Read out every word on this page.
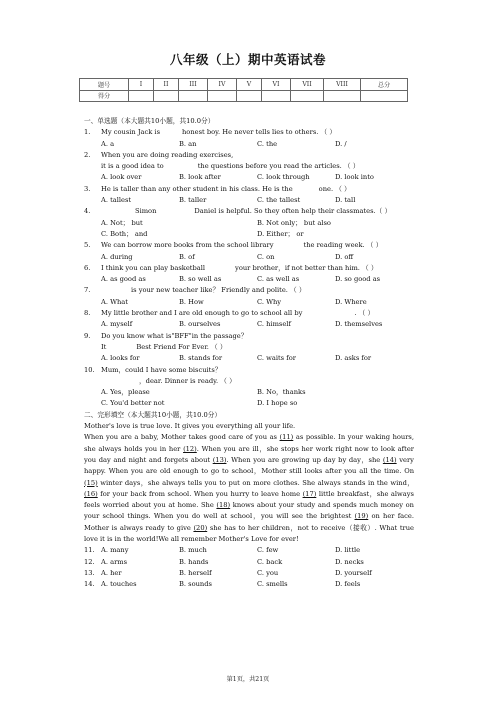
八年级（上）期中英语试卷
题号	I	II	III	IV	V	VI	VII	VIII	总分
得分									
一、单选题（本大题共10小题，共10.0分）
1.	My cousin Jack is	honest boy. He never tells lies to others. （ ）
A. a	B. an	C. the	D. /
2.	When you are doing reading exercises,
it is a good idea to	the questions before you read the articles. （ ）
A. look over	B. look after	C. look through	D. look into
3.	He is taller than any other student in his class. He is the	one. （ ）
A. tallest	B. taller	C. the tallest	D. tall
4.	Simon	Daniel is helpful. So they often help their classmates.（ ）
A. Not； but	B. Not only； but also
C. Both； and	D. Either； or
5.	We can borrow more books from the school library	the reading week. （ ）
A. during	B. of	C. on	D. off
6.	I think you can play basketball	your brother，if not better than him. （ ）
A. as good as	B. so well as	C. as well as	D. so good as
7.	is your new teacher like？ Friendly and polite. （ ）
A. What	B. How	C. Why	D. Where
8.	My little brother and I are old enough to go to school all by	. （ ）
A. myself	B. ourselves	C. himself	D. themselves
9.	Do you know what is"BFF"in the passage？
It	Best Friend For Ever. （ ）
A. looks for	B. stands for	C. waits for	D. asks for
10. Mum，could I have some biscuits？
，dear. Dinner is ready. （ ）
A. Yes，please	B. No，thanks
C. You'd better not	D. I hope so
二、完形填空（本大题共10小题，共10.0分）
Mother's love is true love. It gives you everything all your life.
When you are a baby, Mother takes good care of you as (11) as possible. In your waking hours, she always holds you in her (12). When you are ill，she stops her work right now to look after you day and night and forgets about (13). When you are growing up day by day，she (14) very happy. When you are old enough to go to school，Mother still looks after you all the time. On (15) winter days，she always tells you to put on more clothes. She always stands in the wind， (16) for your back from school. When you hurry to leave home (17) little breakfast，she always feels worried about you at home. She (18) knows about your study and spends much money on your school things. When you do well at school，you will see the brightest (19) on her face. Mother is always ready to give (20) she has to her children，not to receive（接收）. What true love it is in the world!We all remember Mother's Love for ever!
11. A. many	B. much	C. few	D. little
12. A. arms	B. hands	C. back	D. necks
13. A. her	B. herself	C. you	D. yourself
14. A. touches	B. sounds	C. smells	D. feels
第1页，共21页
